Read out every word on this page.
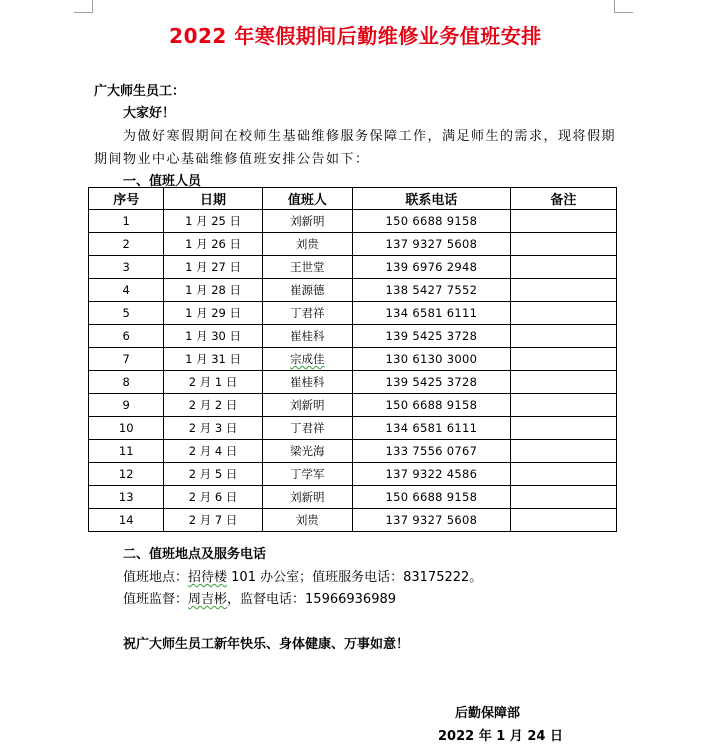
2022 年寒假期间后勤维修业务值班安排
广大师生员工：
大家好！
为做好寒假期间在校师生基础维修服务保障工作，满足师生的需求，现将假期
期间物业中心基础维修值班安排公告如下：
一、值班人员
序号	日期	值班人	联系电话	备注
1	1 月 25 日	刘新明	150 6688 9158	
2	1 月 26 日	刘贵	137 9327 5608	
3	1 月 27 日	王世堂	139 6976 2948	
4	1 月 28 日	崔源德	138 5427 7552	
5	1 月 29 日	丁君祥	134 6581 6111	
6	1 月 30 日	崔桂科	139 5425 3728	
7	1 月 31 日	宗成佳	130 6130 3000	
8	2 月 1 日	崔桂科	139 5425 3728	
9	2 月 2 日	刘新明	150 6688 9158	
10	2 月 3 日	丁君祥	134 6581 6111	
11	2 月 4 日	梁光海	133 7556 0767	
12	2 月 5 日	丁学军	137 9322 4586	
13	2 月 6 日	刘新明	150 6688 9158	
14	2 月 7 日	刘贵	137 9327 5608	
二、值班地点及服务电话
值班地点：招待楼 101 办公室；值班服务电话：83175222。
值班监督：周吉彬，监督电话：15966936989
祝广大师生员工新年快乐、身体健康、万事如意！
后勤保障部
2022 年 1 月 24 日
